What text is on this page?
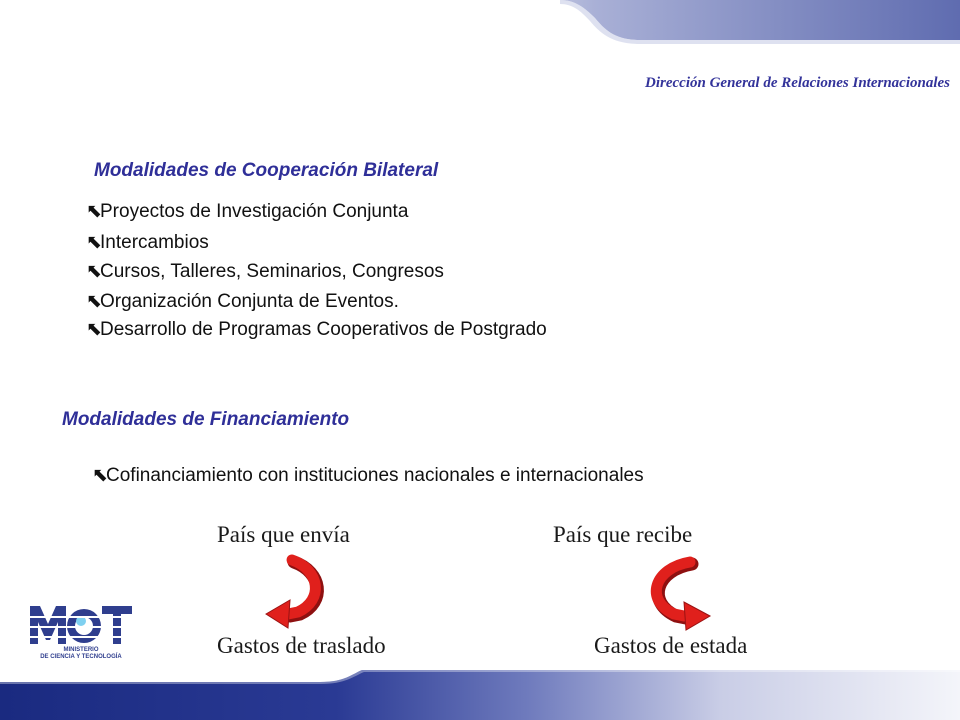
Dirección General de Relaciones Internacionales
Modalidades de Cooperación Bilateral
⬉Proyectos de Investigación Conjunta
⬉Intercambios
⬉Cursos, Talleres, Seminarios, Congresos
⬉Organización Conjunta de Eventos.
⬉Desarrollo de Programas Cooperativos de Postgrado
Modalidades de Financiamiento
⬉Cofinanciamiento con instituciones nacionales e internacionales
País que envía	País que recibe
Gastos de traslado	Gastos de estada
MINISTERIO
DE CIENCIA Y TECNOLOGÍA
